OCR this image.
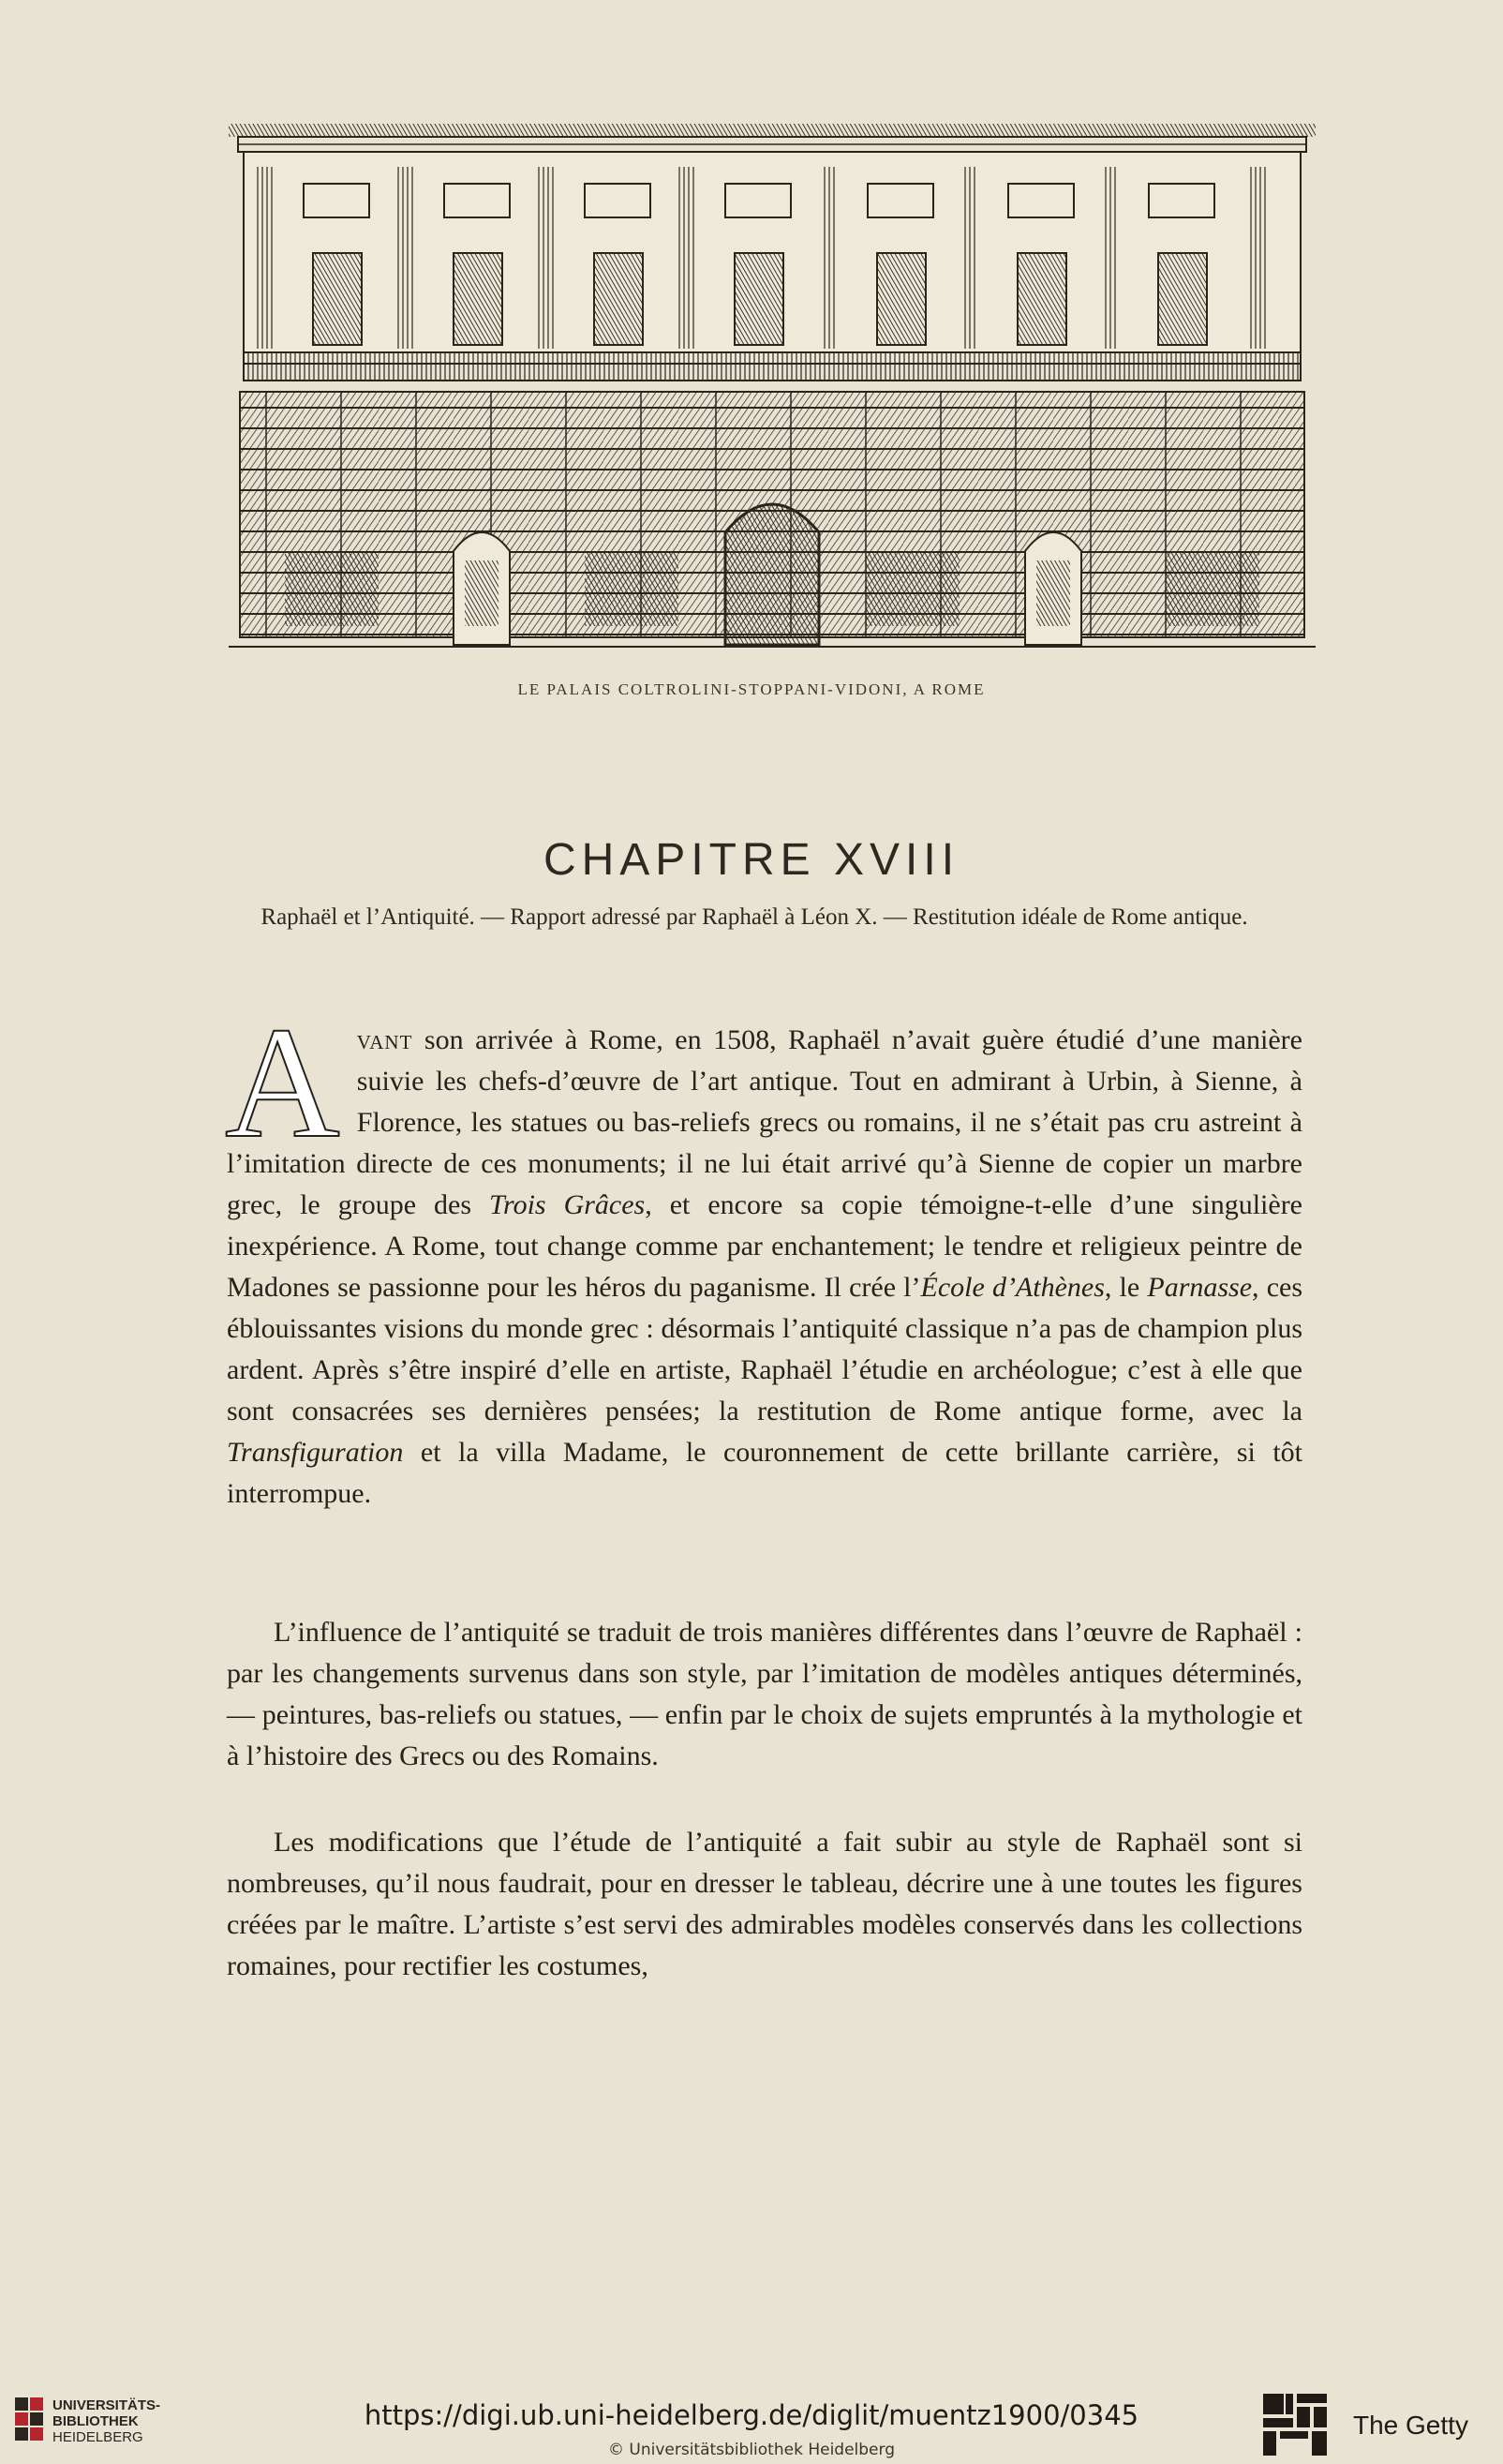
LE PALAIS COLTROLINI-STOPPANI-VIDONI, A ROME
CHAPITRE XVIII
Raphaël et l’Antiquité. — Rapport adressé par Raphaël à Léon X. — Restitution idéale de Rome antique.

Avant son arrivée à Rome, en 1508, Raphaël n’avait guère étudié d’une manière suivie les chefs-d’œuvre de l’art antique. Tout en admirant à Urbin, à Sienne, à Florence, les statues ou bas-reliefs grecs ou romains, il ne s’était pas cru astreint à l’imitation directe de ces monuments; il ne lui était arrivé qu’à Sienne de copier un marbre grec, le groupe des Trois Grâces, et encore sa copie témoigne-t-elle d’une singulière inexpérience. A Rome, tout change comme par enchantement; le tendre et religieux peintre de Madones se passionne pour les héros du paganisme. Il crée l’École d’Athènes, le Parnasse, ces éblouissantes visions du monde grec : désormais l’antiquité classique n’a pas de champion plus ardent. Après s’être inspiré d’elle en artiste, Raphaël l’étudie en archéologue; c’est à elle que sont consacrées ses dernières pensées; la restitution de Rome antique forme, avec la Transfiguration et la villa Madame, le couronnement de cette brillante carrière, si tôt interrompue.

L’influence de l’antiquité se traduit de trois manières différentes dans l’œuvre de Raphaël : par les changements survenus dans son style, par l’imitation de modèles antiques déterminés, — peintures, bas-reliefs ou statues, — enfin par le choix de sujets empruntés à la mythologie et à l’histoire des Grecs ou des Romains.

Les modifications que l’étude de l’antiquité a fait subir au style de Raphaël sont si nombreuses, qu’il nous faudrait, pour en dresser le tableau, décrire une à une toutes les figures créées par le maître. L’artiste s’est servi des admirables modèles conservés dans les collections romaines, pour rectifier les costumes,

UNIVERSITÄTS-
BIBLIOTHEK
HEIDELBERG
https://digi.ub.uni-heidelberg.de/diglit/muentz1900/0345
© Universitätsbibliothek Heidelberg
The Getty
